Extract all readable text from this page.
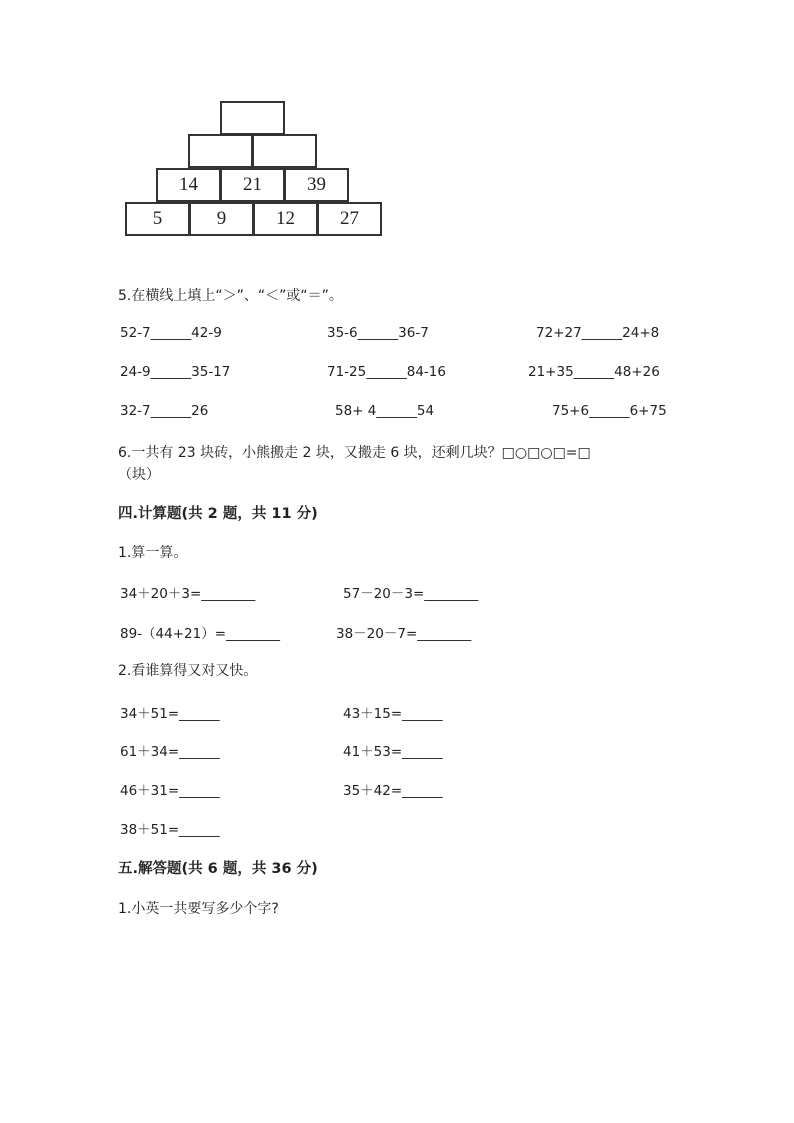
14	21	39
5	9	12	27
5.在横线上填上“＞”、“＜”或“＝”。
52-7______42-9	35-6______36-7	72+27______24+8
24-9______35-17	71-25______84-16	21+35______48+26
32-7______26	58+ 4______54	75+6______6+75
6.一共有 23 块砖，小熊搬走 2 块，又搬走 6 块，还剩几块？□○□○□=□
（块）
四.计算题(共 2 题，共 11 分)
1.算一算。
34＋20＋3=________	57－20－3=________
89-（44+21）=________	38－20－7=________
2.看谁算得又对又快。
34＋51=______	43＋15=______
61＋34=______	41＋53=______
46＋31=______	35＋42=______
38＋51=______
五.解答题(共 6 题，共 36 分)
1.小英一共要写多少个字?
